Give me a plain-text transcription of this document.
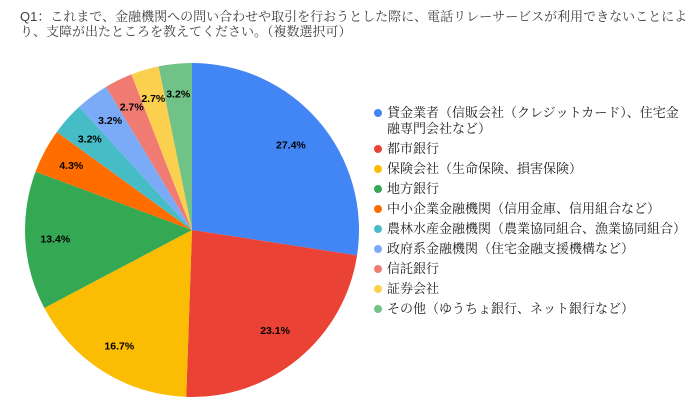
Q1：これまで、金融機関への問い合わせや取引を行おうとした際に、電話リレーサービスが利用できないことにより、支障が出たところを教えてください。（複数選択可）
27.4%
23.1%
16.7%
13.4%
4.3%
3.2%
3.2%
2.7%
2.7% 3.2%
貸金業者（信販会社（クレジットカード）、住宅金融専門会社など）
都市銀行
保険会社（生命保険、損害保険）
地方銀行
中小企業金融機関（信用金庫、信用組合など）
農林水産金融機関（農業協同組合、漁業協同組合）
政府系金融機関（住宅金融支援機構など）
信託銀行
証券会社
その他（ゆうちょ銀行、ネット銀行など）
